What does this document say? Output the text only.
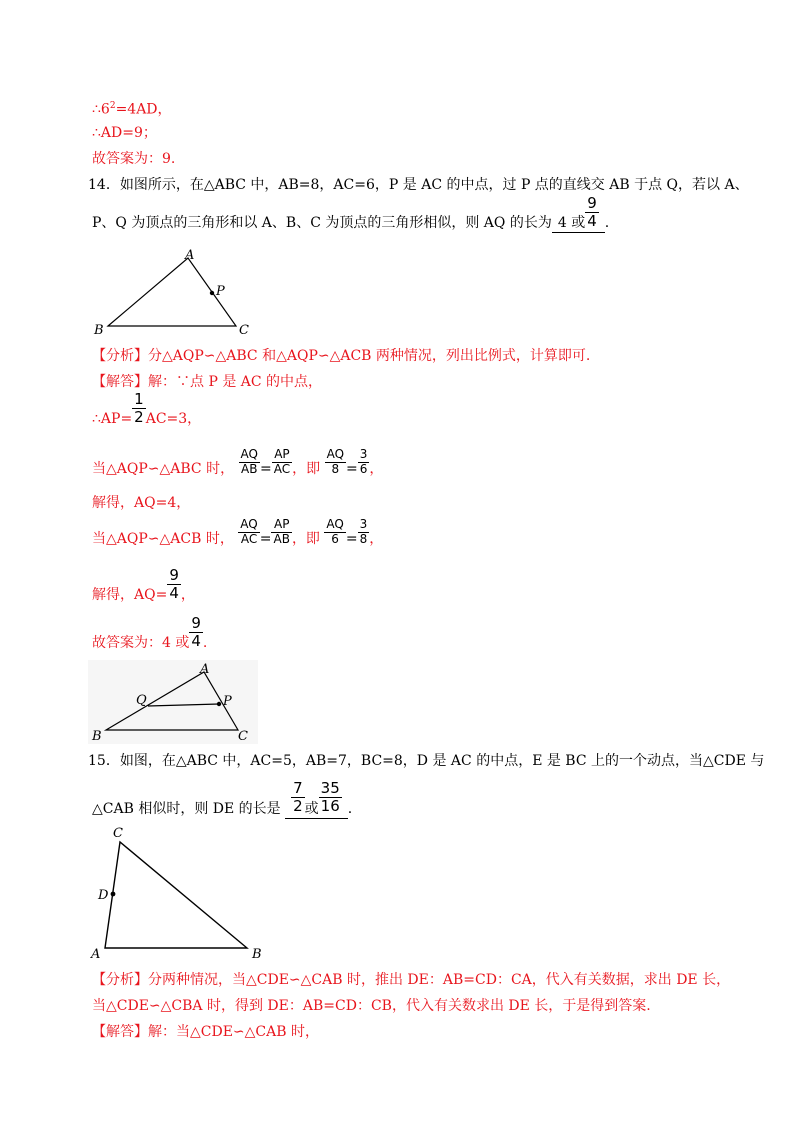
$\therefore 6^2=4AD$，
∴AD=9；
故答案为：9.
14．如图所示，在△ABC 中，AB=8，AC=6，P 是 AC 的中点，过 P 点的直线交 AB 于点 Q，若以 A、
P、Q 为顶点的三角形和以 A、B、C 为顶点的三角形相似，则 AQ 的长为 4 或 $\frac{9}{4}$ .
A
B	C
P
【分析】分△AQP∽△ABC 和△AQP∽△ACB 两种情况，列出比例式，计算即可.
【解答】解：∵点 P 是 AC 的中点，
∴AP= $\frac{1}{2} AC=3$，
当△AQP∽△ABC 时， $\frac{AQ}{AB} = \frac{AP}{AC}$ ，即 $\frac{AQ}{8} = \frac{3}{6}$ ，
解得，AQ=4，
当△AQP∽△ACB 时， $\frac{AQ}{AC} = \frac{AP}{AB}$ ，即 $\frac{AQ}{6} = \frac{3}{8}$ ，
解得，$AQ= \frac{9}{4}$ ，
故答案为：4 或 $\frac{9}{4}$ .
A
B	C
P
Q
15．如图，在△ABC 中，AC=5，AB=7，BC=8，D 是 AC 的中点，E 是 BC 上的一个动点，当△CDE 与
△CAB 相似时，则 DE 的长是 $\frac{7}{2}$ 或 $\frac{35}{16}$ .
C
D
A	B
【分析】分两种情况，当△CDE∽△CAB 时，推出 DE：AB=CD：CA，代入有关数据，求出 DE 长，
当△CDE∽△CBA 时，得到 DE：AB=CD：CB，代入有关数求出 DE 长，于是得到答案.
【解答】解：当△CDE∽△CAB 时，
